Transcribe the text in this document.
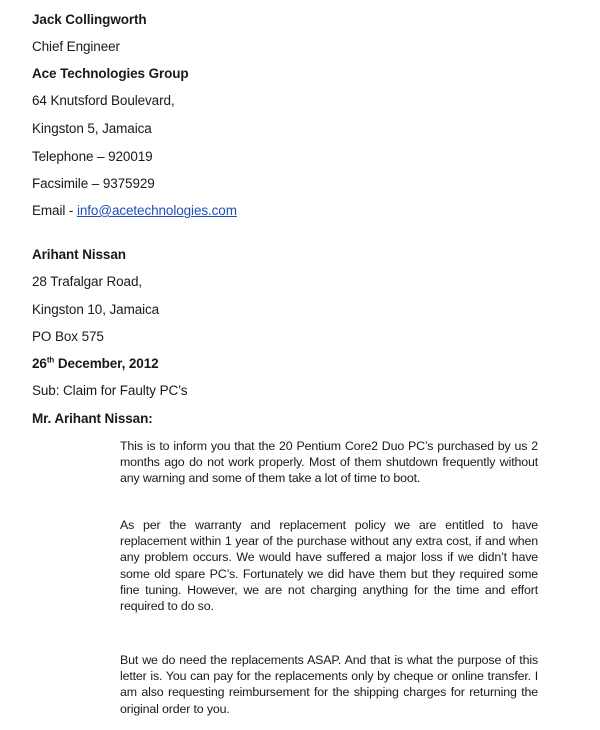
Jack Collingworth
Chief Engineer
Ace Technologies Group
64 Knutsford Boulevard,
Kingston 5, Jamaica
Telephone – 920019
Facsimile – 9375929
Email - info@acetechnologies.com
Arihant Nissan
28 Trafalgar Road,
Kingston 10, Jamaica
PO Box 575
26th December, 2012
Sub: Claim for Faulty PC’s
Mr. Arihant Nissan:
This is to inform you that the 20 Pentium Core2 Duo PC’s purchased by us 2 months ago do not work properly. Most of them shutdown frequently without any warning and some of them take a lot of time to boot.
As per the warranty and replacement policy we are entitled to have replacement within 1 year of the purchase without any extra cost, if and when any problem occurs. We would have suffered a major loss if we didn’t have some old spare PC’s. Fortunately we did have them but they required some fine tuning. However, we are not charging anything for the time and effort required to do so.
But we do need the replacements ASAP. And that is what the purpose of this letter is. You can pay for the replacements only by cheque or online transfer. I am also requesting reimbursement for the shipping charges for returning the original order to you.
